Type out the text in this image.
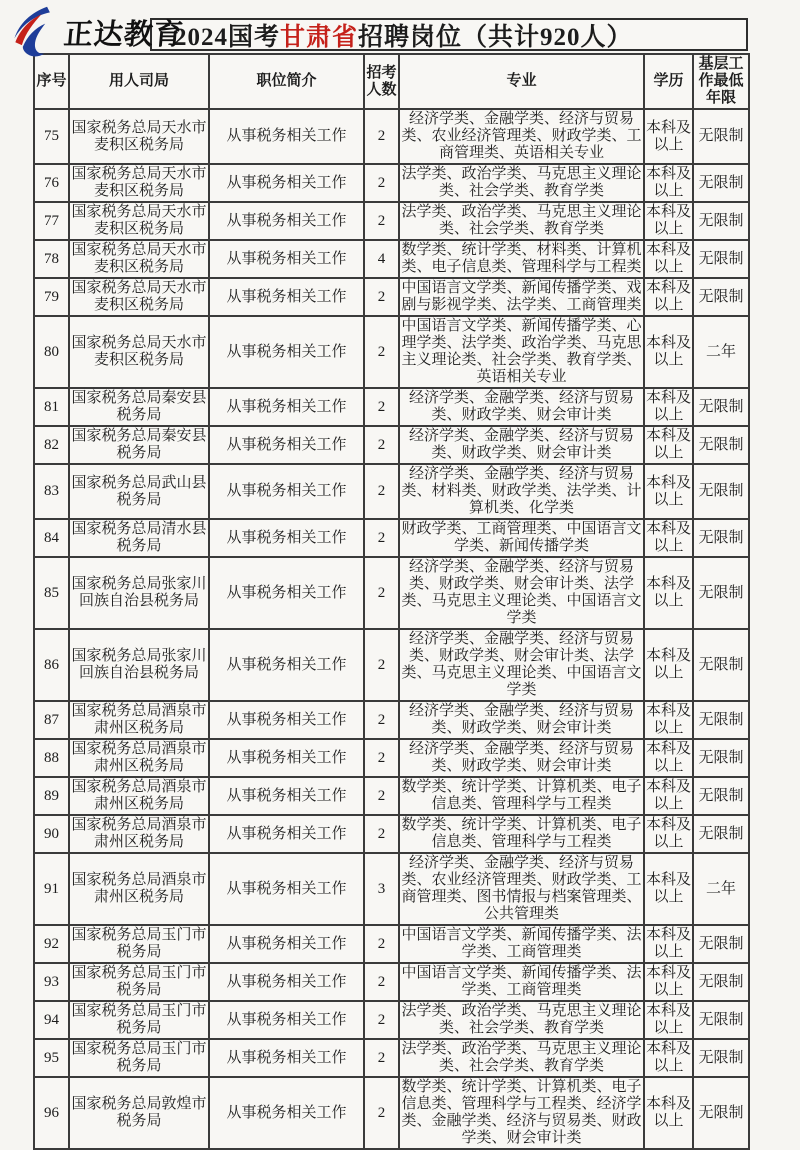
正达教育
2024国考 甘肃省 招聘岗位（共计920人）
序号	用人司局	职位简介	招考人数	专业	学历	基层工作最低年限
75	国家税务总局天水市麦积区税务局	从事税务相关工作	2	经济学类、金融学类、经济与贸易类、农业经济管理类、财政学类、工商管理类、英语相关专业	本科及以上	无限制
76	国家税务总局天水市麦积区税务局	从事税务相关工作	2	法学类、政治学类、马克思主义理论类、社会学类、教育学类	本科及以上	无限制
77	国家税务总局天水市麦积区税务局	从事税务相关工作	2	法学类、政治学类、马克思主义理论类、社会学类、教育学类	本科及以上	无限制
78	国家税务总局天水市麦积区税务局	从事税务相关工作	4	数学类、统计学类、材料类、计算机类、电子信息类、管理科学与工程类	本科及以上	无限制
79	国家税务总局天水市麦积区税务局	从事税务相关工作	2	中国语言文学类、新闻传播学类、戏剧与影视学类、法学类、工商管理类	本科及以上	无限制
80	国家税务总局天水市麦积区税务局	从事税务相关工作	2	中国语言文学类、新闻传播学类、心理学类、法学类、政治学类、马克思主义理论类、社会学类、教育学类、英语相关专业	本科及以上	二年
81	国家税务总局秦安县税务局	从事税务相关工作	2	经济学类、金融学类、经济与贸易类、财政学类、财会审计类	本科及以上	无限制
82	国家税务总局秦安县税务局	从事税务相关工作	2	经济学类、金融学类、经济与贸易类、财政学类、财会审计类	本科及以上	无限制
83	国家税务总局武山县税务局	从事税务相关工作	2	经济学类、金融学类、经济与贸易类、材料类、财政学类、法学类、计算机类、化学类	本科及以上	无限制
84	国家税务总局清水县税务局	从事税务相关工作	2	财政学类、工商管理类、中国语言文学类、新闻传播学类	本科及以上	无限制
85	国家税务总局张家川回族自治县税务局	从事税务相关工作	2	经济学类、金融学类、经济与贸易类、财政学类、财会审计类、法学类、马克思主义理论类、中国语言文学类	本科及以上	无限制
86	国家税务总局张家川回族自治县税务局	从事税务相关工作	2	经济学类、金融学类、经济与贸易类、财政学类、财会审计类、法学类、马克思主义理论类、中国语言文学类	本科及以上	无限制
87	国家税务总局酒泉市肃州区税务局	从事税务相关工作	2	经济学类、金融学类、经济与贸易类、财政学类、财会审计类	本科及以上	无限制
88	国家税务总局酒泉市肃州区税务局	从事税务相关工作	2	经济学类、金融学类、经济与贸易类、财政学类、财会审计类	本科及以上	无限制
89	国家税务总局酒泉市肃州区税务局	从事税务相关工作	2	数学类、统计学类、计算机类、电子信息类、管理科学与工程类	本科及以上	无限制
90	国家税务总局酒泉市肃州区税务局	从事税务相关工作	2	数学类、统计学类、计算机类、电子信息类、管理科学与工程类	本科及以上	无限制
91	国家税务总局酒泉市肃州区税务局	从事税务相关工作	3	经济学类、金融学类、经济与贸易类、农业经济管理类、财政学类、工商管理类、图书情报与档案管理类、公共管理类	本科及以上	二年
92	国家税务总局玉门市税务局	从事税务相关工作	2	中国语言文学类、新闻传播学类、法学类、工商管理类	本科及以上	无限制
93	国家税务总局玉门市税务局	从事税务相关工作	2	中国语言文学类、新闻传播学类、法学类、工商管理类	本科及以上	无限制
94	国家税务总局玉门市税务局	从事税务相关工作	2	法学类、政治学类、马克思主义理论类、社会学类、教育学类	本科及以上	无限制
95	国家税务总局玉门市税务局	从事税务相关工作	2	法学类、政治学类、马克思主义理论类、社会学类、教育学类	本科及以上	无限制
96	国家税务总局敦煌市税务局	从事税务相关工作	2	数学类、统计学类、计算机类、电子信息类、管理科学与工程类、经济学类、金融学类、经济与贸易类、财政学类、财会审计类	本科及以上	无限制
